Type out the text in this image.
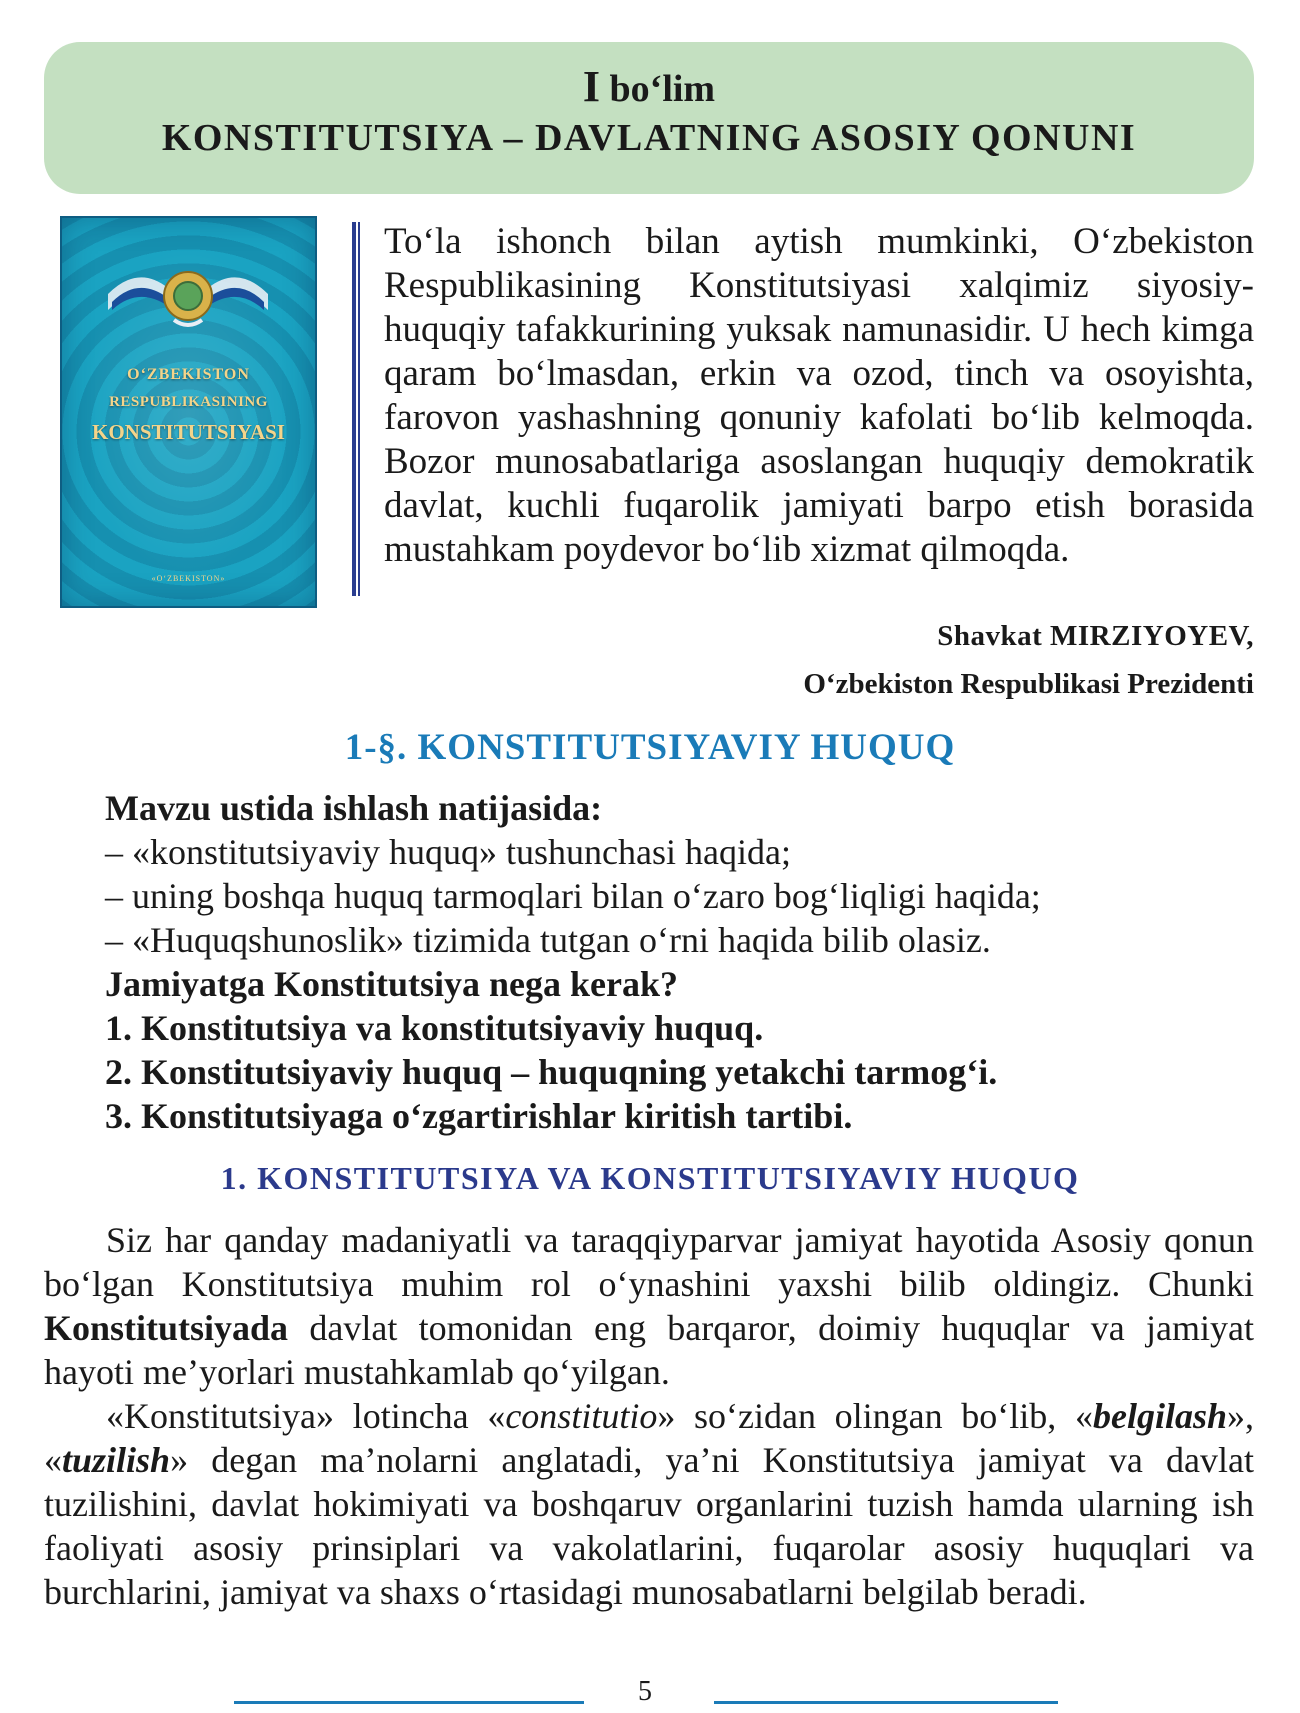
I bo‘lim
KONSTITUTSIYA – DAVLATNING ASOSIY QONUNI
O‘ZBEKISTON
RESPUBLIKASINING
KONSTITUTSIYASI
«O‘ZBEKISTON»
To‘la ishonch bilan aytish mumkinki, O‘zbekiston Respublikasining Konstitutsiyasi xalqimiz siyosiy-huquqiy tafakkurining yuksak namunasidir. U hech kimga qaram bo‘lmasdan, erkin va ozod, tinch va osoyishta, farovon yashashning qonuniy kafolati bo‘lib kelmoqda. Bozor munosabatlariga asoslangan huquqiy demokratik davlat, kuchli fuqarolik jamiyati barpo etish borasida mustahkam poydevor bo‘lib xizmat qilmoqda.
Shavkat MIRZIYOYEV,
O‘zbekiston Respublikasi Prezidenti
1-§. KONSTITUTSIYAVIY HUQUQ
Mavzu ustida ishlash natijasida:
– «konstitutsiyaviy huquq» tushunchasi haqida;
– uning boshqa huquq tarmoqlari bilan o‘zaro bog‘liqligi haqida;
– «Huquqshunoslik» tizimida tutgan o‘rni haqida bilib olasiz.
Jamiyatga Konstitutsiya nega kerak?
1. Konstitutsiya va konstitutsiyaviy huquq.
2. Konstitutsiyaviy huquq – huquqning yetakchi tarmog‘i.
3. Konstitutsiyaga o‘zgartirishlar kiritish tartibi.
1. KONSTITUTSIYA VA KONSTITUTSIYAVIY HUQUQ

Siz har qanday madaniyatli va taraqqiyparvar jamiyat hayotida Asosiy qonun bo‘lgan Konstitutsiya muhim rol o‘ynashini yaxshi bilib oldingiz. Chunki Konstitutsiyada davlat tomonidan eng barqaror, doimiy huquqlar va jamiyat hayoti me’yorlari mustahkamlab qo‘yilgan.

«Konstitutsiya» lotincha «constitutio» so‘zidan olingan bo‘lib, «belgilash», «tuzilish» degan ma’nolarni anglatadi, ya’ni Konstitutsiya jamiyat va davlat tuzilishini, davlat hokimiyati va boshqaruv organlarini tuzish hamda ularning ish faoliyati asosiy prinsiplari va vakolatlarini, fuqarolar asosiy huquqlari va burchlarini, jamiyat va shaxs o‘rtasidagi munosabatlarni belgilab beradi.

5
